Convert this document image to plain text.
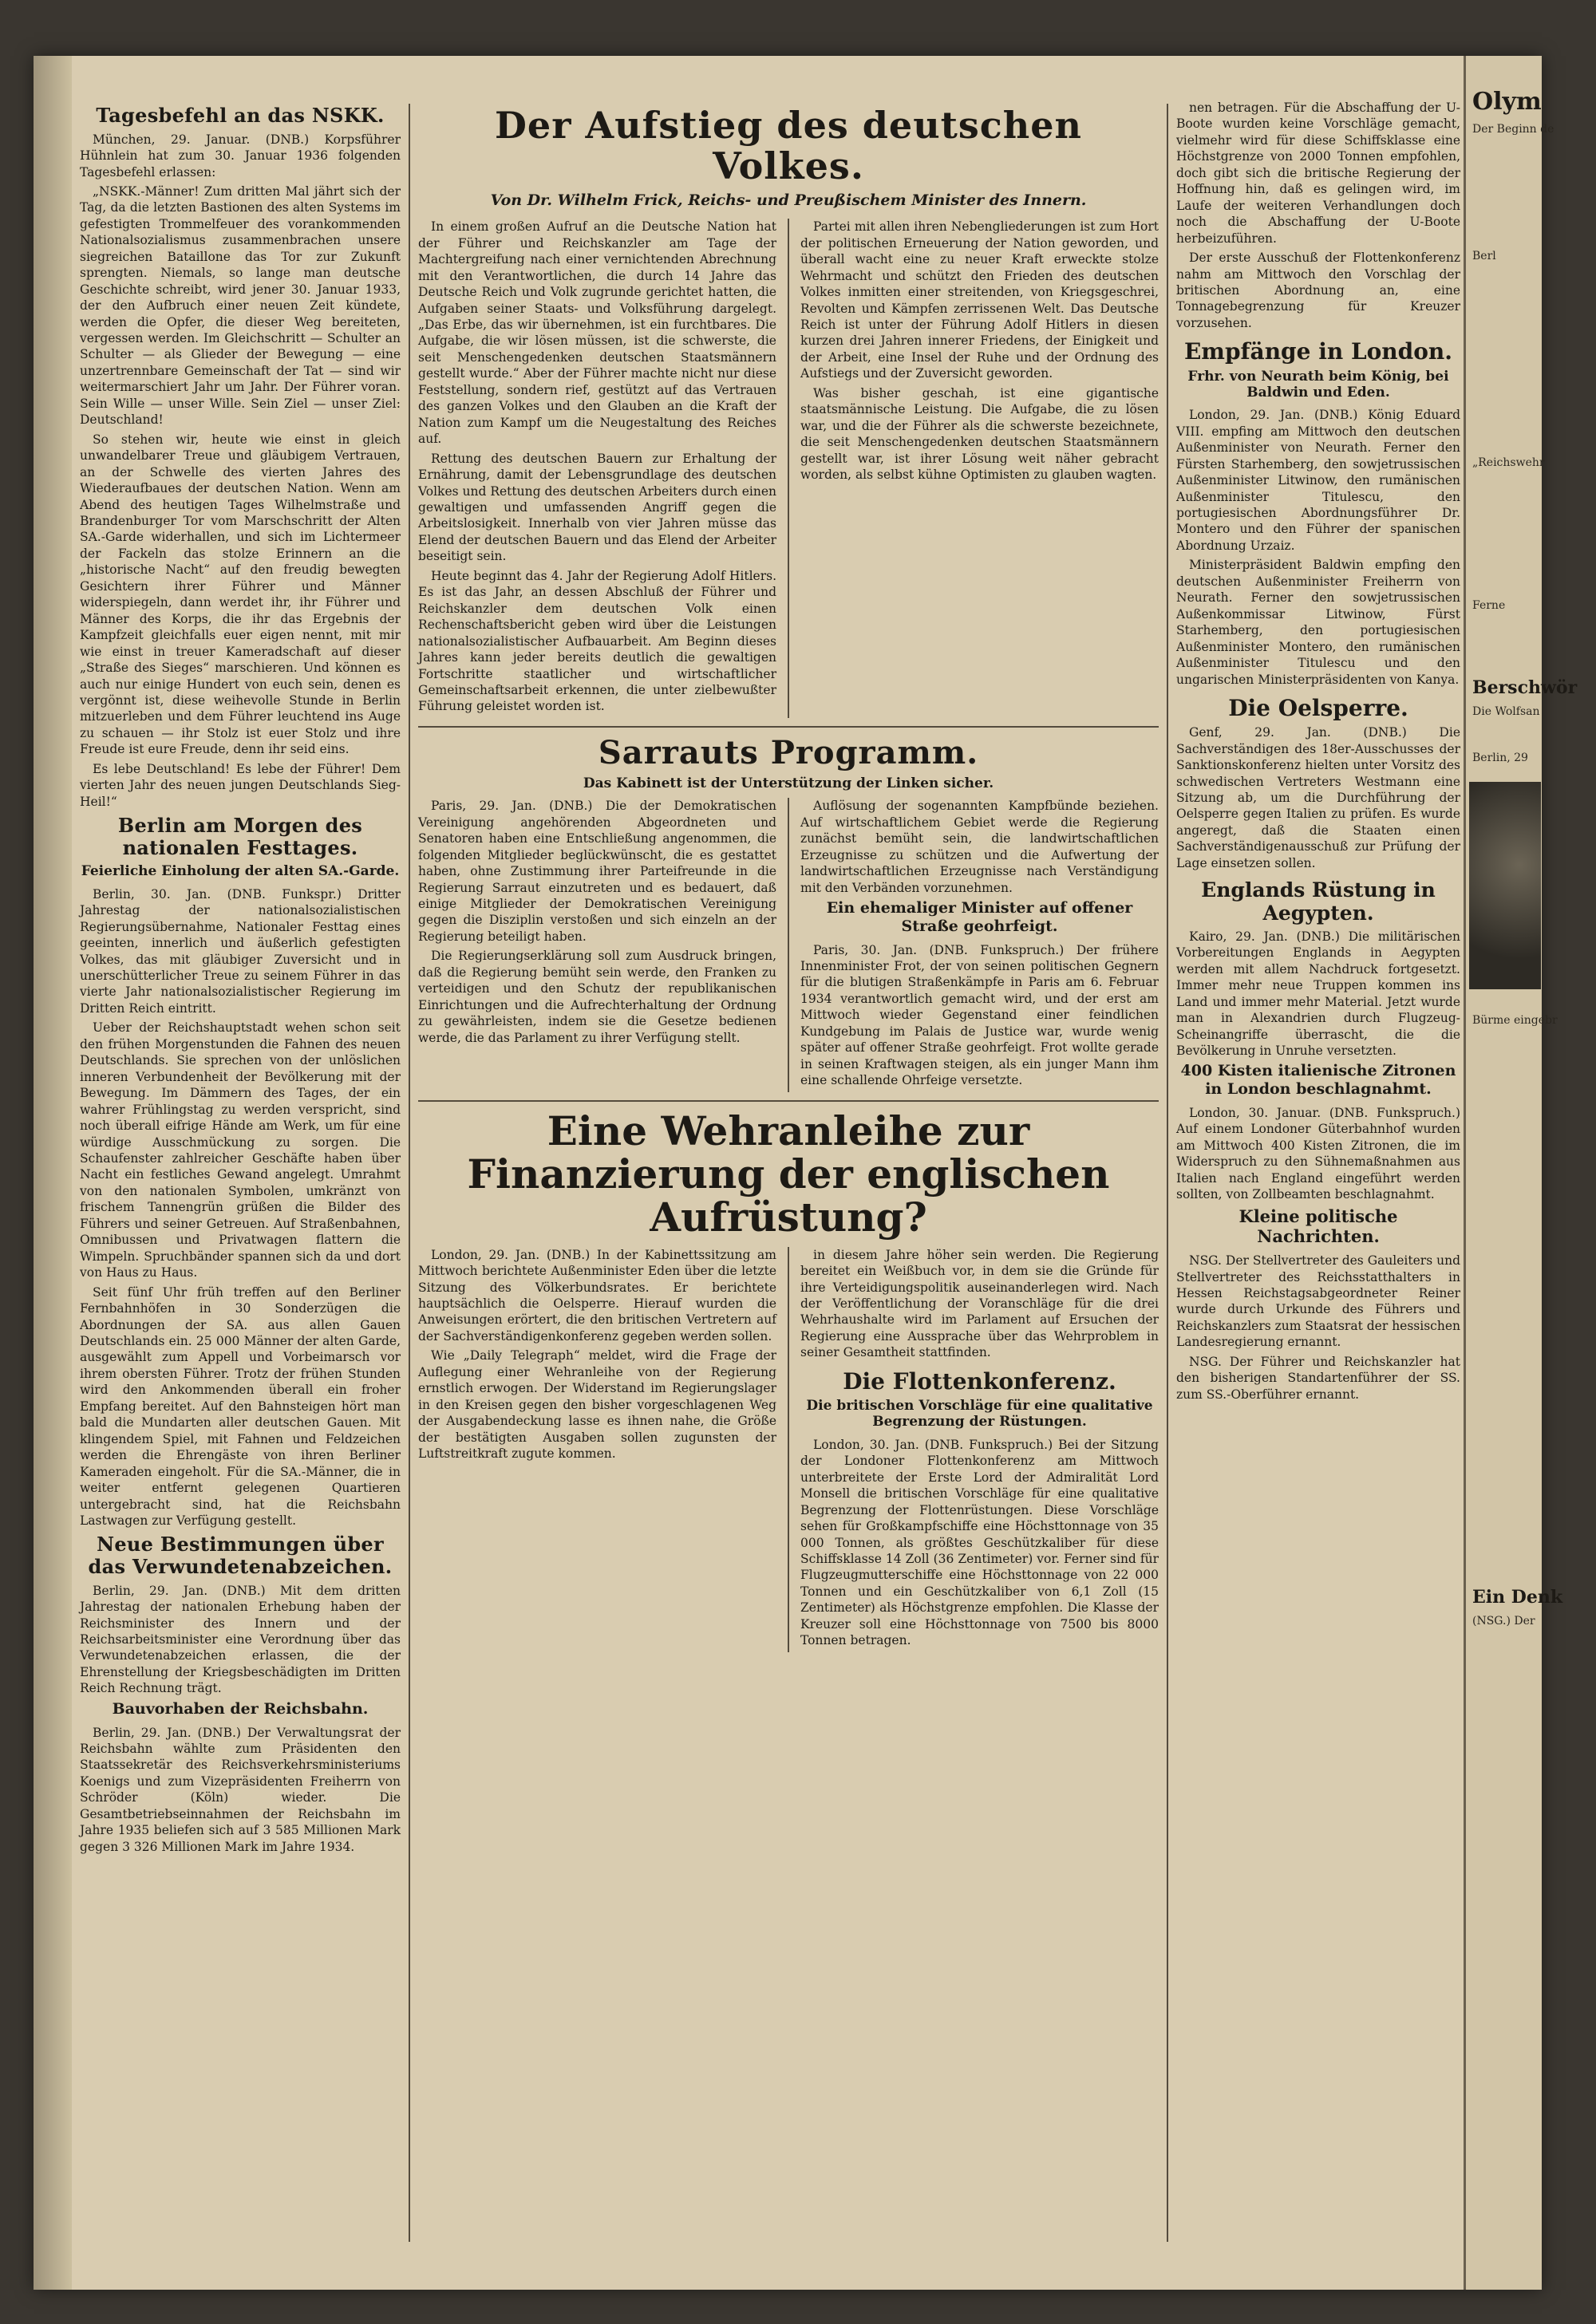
Tagesbefehl an das NSKK.

München, 29. Januar. (DNB.) Korpsführer Hühnlein hat zum 30. Januar 1936 folgenden Tagesbefehl erlassen:

„NSKK.-Männer! Zum dritten Mal jährt sich der Tag, da die letzten Bastionen des alten Systems im gefestigten Trommelfeuer des vorankommenden Nationalsozialismus zusammenbrachen unsere siegreichen Bataillone das Tor zur Zukunft sprengten. Niemals, so lange man deutsche Geschichte schreibt, wird jener 30. Januar 1933, der den Aufbruch einer neuen Zeit kündete, werden die Opfer, die dieser Weg bereiteten, vergessen werden. Im Gleichschritt — Schulter an Schulter — als Glieder der Bewegung — eine unzertrennbare Gemeinschaft der Tat — sind wir weitermarschiert Jahr um Jahr. Der Führer voran. Sein Wille — unser Wille. Sein Ziel — unser Ziel: Deutschland!

So stehen wir, heute wie einst in gleich unwandelbarer Treue und gläubigem Vertrauen, an der Schwelle des vierten Jahres des Wiederaufbaues der deutschen Nation. Wenn am Abend des heutigen Tages Wilhelmstraße und Brandenburger Tor vom Marschschritt der Alten SA.-Garde widerhallen, und sich im Lichtermeer der Fackeln das stolze Erinnern an die „historische Nacht“ auf den freudig bewegten Gesichtern ihrer Führer und Männer widerspiegeln, dann werdet ihr, ihr Führer und Männer des Korps, die ihr das Ergebnis der Kampfzeit gleichfalls euer eigen nennt, mit mir wie einst in treuer Kameradschaft auf dieser „Straße des Sieges“ marschieren. Und können es auch nur einige Hundert von euch sein, denen es vergönnt ist, diese weihevolle Stunde in Berlin mitzuerleben und dem Führer leuchtend ins Auge zu schauen — ihr Stolz ist euer Stolz und ihre Freude ist eure Freude, denn ihr seid eins.

Es lebe Deutschland! Es lebe der Führer! Dem vierten Jahr des neuen jungen Deutschlands Sieg-Heil!“

Berlin am Morgen des nationalen Festtages.
Feierliche Einholung der alten SA.-Garde.

Berlin, 30. Jan. (DNB. Funkspr.) Dritter Jahrestag der nationalsozialistischen Regierungsübernahme, Nationaler Festtag eines geeinten, innerlich und äußerlich gefestigten Volkes, das mit gläubiger Zuversicht und in unerschütterlicher Treue zu seinem Führer in das vierte Jahr nationalsozialistischer Regierung im Dritten Reich eintritt.

Ueber der Reichshauptstadt wehen schon seit den frühen Morgenstunden die Fahnen des neuen Deutschlands. Sie sprechen von der unlöslichen inneren Verbundenheit der Bevölkerung mit der Bewegung. Im Dämmern des Tages, der ein wahrer Frühlingstag zu werden verspricht, sind noch überall eifrige Hände am Werk, um für eine würdige Ausschmückung zu sorgen. Die Schaufenster zahlreicher Geschäfte haben über Nacht ein festliches Gewand angelegt. Umrahmt von den nationalen Symbolen, umkränzt von frischem Tannengrün grüßen die Bilder des Führers und seiner Getreuen. Auf Straßenbahnen, Omnibussen und Privatwagen flattern die Wimpeln. Spruchbänder spannen sich da und dort von Haus zu Haus.

Seit fünf Uhr früh treffen auf den Berliner Fernbahnhöfen in 30 Sonderzügen die Abordnungen der SA. aus allen Gauen Deutschlands ein. 25 000 Männer der alten Garde, ausgewählt zum Appell und Vorbeimarsch vor ihrem obersten Führer. Trotz der frühen Stunden wird den Ankommenden überall ein froher Empfang bereitet. Auf den Bahnsteigen hört man bald die Mundarten aller deutschen Gauen. Mit klingendem Spiel, mit Fahnen und Feldzeichen werden die Ehrengäste von ihren Berliner Kameraden eingeholt. Für die SA.-Männer, die in weiter entfernt gelegenen Quartieren untergebracht sind, hat die Reichsbahn Lastwagen zur Verfügung gestellt.

Neue Bestimmungen über das Verwundetenabzeichen.

Berlin, 29. Jan. (DNB.) Mit dem dritten Jahrestag der nationalen Erhebung haben der Reichsminister des Innern und der Reichsarbeitsminister eine Verordnung über das Verwundetenabzeichen erlassen, die der Ehrenstellung der Kriegsbeschädigten im Dritten Reich Rechnung trägt.

Bauvorhaben der Reichsbahn.

Berlin, 29. Jan. (DNB.) Der Verwaltungsrat der Reichsbahn wählte zum Präsidenten den Staatssekretär des Reichsverkehrsministeriums Koenigs und zum Vizepräsidenten Freiherrn von Schröder (Köln) wieder. Die Gesamtbetriebseinnahmen der Reichsbahn im Jahre 1935 beliefen sich auf 3 585 Millionen Mark gegen 3 326 Millionen Mark im Jahre 1934.

Der Aufstieg des deutschen Volkes.
Von Dr. Wilhelm Frick, Reichs- und Preußischem Minister des Innern.

In einem großen Aufruf an die Deutsche Nation hat der Führer und Reichskanzler am Tage der Machtergreifung nach einer vernichtenden Abrechnung mit den Verantwortlichen, die durch 14 Jahre das Deutsche Reich und Volk zugrunde gerichtet hatten, die Aufgaben seiner Staats- und Volksführung dargelegt. „Das Erbe, das wir übernehmen, ist ein furchtbares. Die Aufgabe, die wir lösen müssen, ist die schwerste, die seit Menschengedenken deutschen Staatsmännern gestellt wurde.“ Aber der Führer machte nicht nur diese Feststellung, sondern rief, gestützt auf das Vertrauen des ganzen Volkes und den Glauben an die Kraft der Nation zum Kampf um die Neugestaltung des Reiches auf.

Rettung des deutschen Bauern zur Erhaltung der Ernährung, damit der Lebensgrundlage des deutschen Volkes und Rettung des deutschen Arbeiters durch einen gewaltigen und umfassenden Angriff gegen die Arbeitslosigkeit. Innerhalb von vier Jahren müsse das Elend der deutschen Bauern und das Elend der Arbeiter beseitigt sein.

Heute beginnt das 4. Jahr der Regierung Adolf Hitlers. Es ist das Jahr, an dessen Abschluß der Führer und Reichskanzler dem deutschen Volk einen Rechenschaftsbericht geben wird über die Leistungen nationalsozialistischer Aufbauarbeit. Am Beginn dieses Jahres kann jeder bereits deutlich die gewaltigen Fortschritte staatlicher und wirtschaftlicher Gemeinschaftsarbeit erkennen, die unter zielbewußter Führung geleistet worden ist.

Partei mit allen ihren Nebengliederungen ist zum Hort der politischen Erneuerung der Nation geworden, und überall wacht eine zu neuer Kraft erweckte stolze Wehrmacht und schützt den Frieden des deutschen Volkes inmitten einer streitenden, von Kriegsgeschrei, Revolten und Kämpfen zerrissenen Welt. Das Deutsche Reich ist unter der Führung Adolf Hitlers in diesen kurzen drei Jahren innerer Friedens, der Einigkeit und der Arbeit, eine Insel der Ruhe und der Ordnung des Aufstiegs und der Zuversicht geworden.

Was bisher geschah, ist eine gigantische staatsmännische Leistung. Die Aufgabe, die zu lösen war, und die der Führer als die schwerste bezeichnete, die seit Menschengedenken deutschen Staatsmännern gestellt war, ist ihrer Lösung weit näher gebracht worden, als selbst kühne Optimisten zu glauben wagten.

Sarrauts Programm.
Das Kabinett ist der Unterstützung der Linken sicher.

Paris, 29. Jan. (DNB.) Die der Demokratischen Vereinigung angehörenden Abgeordneten und Senatoren haben eine Entschließung angenommen, die folgenden Mitglieder beglückwünscht, die es gestattet haben, ohne Zustimmung ihrer Parteifreunde in die Regierung Sarraut einzutreten und es bedauert, daß einige Mitglieder der Demokratischen Vereinigung gegen die Disziplin verstoßen und sich einzeln an der Regierung beteiligt haben.

Die Regierungserklärung soll zum Ausdruck bringen, daß die Regierung bemüht sein werde, den Franken zu verteidigen und den Schutz der republikanischen Einrichtungen und die Aufrechterhaltung der Ordnung zu gewährleisten, indem sie die Gesetze bedienen werde, die das Parlament zu ihrer Verfügung stellt.

Auflösung der sogenannten Kampfbünde beziehen. Auf wirtschaftlichem Gebiet werde die Regierung zunächst bemüht sein, die landwirtschaftlichen Erzeugnisse zu schützen und die Aufwertung der landwirtschaftlichen Erzeugnisse nach Verständigung mit den Verbänden vorzunehmen.

Ein ehemaliger Minister auf offener Straße geohrfeigt.

Paris, 30. Jan. (DNB. Funkspruch.) Der frühere Innenminister Frot, der von seinen politischen Gegnern für die blutigen Straßenkämpfe in Paris am 6. Februar 1934 verantwortlich gemacht wird, und der erst am Mittwoch wieder Gegenstand einer feindlichen Kundgebung im Palais de Justice war, wurde wenig später auf offener Straße geohrfeigt. Frot wollte gerade in seinen Kraftwagen steigen, als ein junger Mann ihm eine schallende Ohrfeige versetzte.

Eine Wehranleihe zur Finanzierung der englischen Aufrüstung?

London, 29. Jan. (DNB.) In der Kabinettssitzung am Mittwoch berichtete Außenminister Eden über die letzte Sitzung des Völkerbundsrates. Er berichtete hauptsächlich die Oelsperre. Hierauf wurden die Anweisungen erörtert, die den britischen Vertretern auf der Sachverständigenkonferenz gegeben werden sollen.

Wie „Daily Telegraph“ meldet, wird die Frage der Auflegung einer Wehranleihe von der Regierung ernstlich erwogen. Der Widerstand im Regierungslager in den Kreisen gegen den bisher vorgeschlagenen Weg der Ausgabendeckung lasse es ihnen nahe, die Größe der bestätigten Ausgaben sollen zugunsten der Luftstreitkraft zugute kommen.

in diesem Jahre höher sein werden. Die Regierung bereitet ein Weißbuch vor, in dem sie die Gründe für ihre Verteidigungspolitik auseinanderlegen wird. Nach der Veröffentlichung der Voranschläge für die drei Wehrhaushalte wird im Parlament auf Ersuchen der Regierung eine Aussprache über das Wehrproblem in seiner Gesamtheit stattfinden.

Die Flottenkonferenz.
Die britischen Vorschläge für eine qualitative Begrenzung der Rüstungen.

London, 30. Jan. (DNB. Funkspruch.) Bei der Sitzung der Londoner Flottenkonferenz am Mittwoch unterbreitete der Erste Lord der Admiralität Lord Monsell die britischen Vorschläge für eine qualitative Begrenzung der Flottenrüstungen. Diese Vorschläge sehen für Großkampfschiffe eine Höchsttonnage von 35 000 Tonnen, als größtes Geschützkaliber für diese Schiffsklasse 14 Zoll (36 Zentimeter) vor. Ferner sind für Flugzeugmutterschiffe eine Höchsttonnage von 22 000 Tonnen und ein Geschützkaliber von 6,1 Zoll (15 Zentimeter) als Höchstgrenze empfohlen. Die Klasse der Kreuzer soll eine Höchsttonnage von 7500 bis 8000 Tonnen betragen.

nen betragen. Für die Abschaffung der U-Boote wurden keine Vorschläge gemacht, vielmehr wird für diese Schiffsklasse eine Höchstgrenze von 2000 Tonnen empfohlen, doch gibt sich die britische Regierung der Hoffnung hin, daß es gelingen wird, im Laufe der weiteren Verhandlungen doch noch die Abschaffung der U-Boote herbeizuführen.

Der erste Ausschuß der Flottenkonferenz nahm am Mittwoch den Vorschlag der britischen Abordnung an, eine Tonnagebegrenzung für Kreuzer vorzusehen.

Empfänge in London.
Frhr. von Neurath beim König, bei Baldwin und Eden.

London, 29. Jan. (DNB.) König Eduard VIII. empfing am Mittwoch den deutschen Außenminister von Neurath. Ferner den Fürsten Starhemberg, den sowjetrussischen Außenminister Litwinow, den rumänischen Außenminister Titulescu, den portugiesischen Abordnungsführer Dr. Montero und den Führer der spanischen Abordnung Urzaiz.

Ministerpräsident Baldwin empfing den deutschen Außenminister Freiherrn von Neurath. Ferner den sowjetrussischen Außenkommissar Litwinow, Fürst Starhemberg, den portugiesischen Außenminister Montero, den rumänischen Außenminister Titulescu und den ungarischen Ministerpräsidenten von Kanya.

Die Oelsperre.

Genf, 29. Jan. (DNB.) Die Sachverständigen des 18er-Ausschusses der Sanktionskonferenz hielten unter Vorsitz des schwedischen Vertreters Westmann eine Sitzung ab, um die Durchführung der Oelsperre gegen Italien zu prüfen. Es wurde angeregt, daß die Staaten einen Sachverständigenausschuß zur Prüfung der Lage einsetzen sollen.

Englands Rüstung in Aegypten.

Kairo, 29. Jan. (DNB.) Die militärischen Vorbereitungen Englands in Aegypten werden mit allem Nachdruck fortgesetzt. Immer mehr neue Truppen kommen ins Land und immer mehr Material. Jetzt wurde man in Alexandrien durch Flugzeug-Scheinangriffe überrascht, die die Bevölkerung in Unruhe versetzten.

400 Kisten italienische Zitronen in London beschlagnahmt.

London, 30. Januar. (DNB. Funkspruch.) Auf einem Londoner Güterbahnhof wurden am Mittwoch 400 Kisten Zitronen, die im Widerspruch zu den Sühnemaßnahmen aus Italien nach England eingeführt werden sollten, von Zollbeamten beschlagnahmt.

Kleine politische Nachrichten.

NSG. Der Stellvertreter des Gauleiters und Stellvertreter des Reichsstatthalters in Hessen Reichstagsabgeordneter Reiner wurde durch Urkunde des Führers und Reichskanzlers zum Staatsrat der hessischen Landesregierung ernannt.

NSG. Der Führer und Reichskanzler hat den bisherigen Standartenführer der SS. zum SS.-Oberführer ernannt.

Olym
Der Beginn de
Berl
„Reichswehr
Ferne
Berschwör
Die Wolfsan
Berlin, 29
Bürme eingebr
Ein Denk
(NSG.) Der
